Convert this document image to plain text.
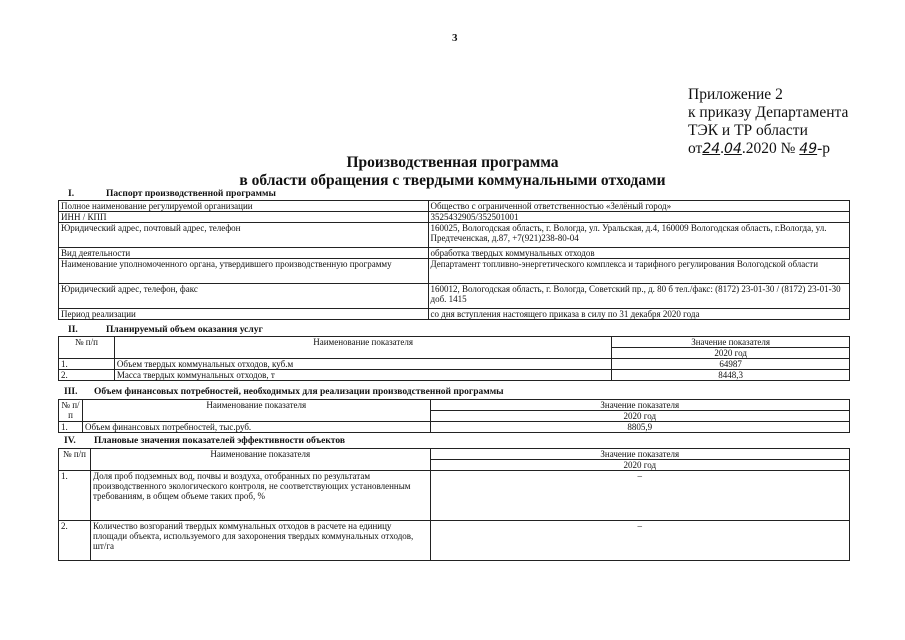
3
Приложение 2
к приказу Департамента
ТЭК и ТР области
от24.04.2020 № 49-р
Производственная программа
в области обращения с твердыми коммунальными отходами
I.	Паспорт производственной программы
Полное наименование регулируемой организации	Общество с ограниченной ответственностью «Зелёный город»
ИНН / КПП	3525432905/352501001
Юридический адрес, почтовый адрес, телефон	160025, Вологодская область, г. Вологда, ул. Уральская, д.4, 160009 Вологодская область, г.Вологда, ул. Предтеченская, д.87, +7(921)238-80-04
Вид деятельности	обработка твердых коммунальных отходов
Наименование уполномоченного органа, утвердившего производственную программу	Департамент топливно-энергетического комплекса и тарифного регулирования Вологодской области
Юридический адрес, телефон, факс	160012, Вологодская область, г. Вологда, Советский пр., д. 80 б тел./факс: (8172) 23-01-30 / (8172) 23-01-30 доб. 1415
Период реализации	со дня вступления настоящего приказа в силу по 31 декабря 2020 года
II.	Планируемый объем оказания услуг
№ п/п	Наименование показателя	Значение показателя
		2020 год
1.	Объем твердых коммунальных отходов, куб.м	64987
2.	Масса твердых коммунальных отходов, т	8448,3
III. Объем финансовых потребностей, необходимых для реализации производственной программы
№ п/п	Наименование показателя	Значение показателя
		2020 год
1.	Объем финансовых потребностей, тыс.руб.	8805,9
IV. Плановые значения показателей эффективности объектов
№ п/п	Наименование показателя	Значение показателя
		2020 год
1.	Доля проб подземных вод, почвы и воздуха, отобранных по результатам производственного экологического контроля, не соответствующих установленным требованиям, в общем объеме таких проб, %	–
2.	Количество возгораний твердых коммунальных отходов в расчете на единицу площади объекта, используемого для захоронения твердых коммунальных отходов, шт/га	–
